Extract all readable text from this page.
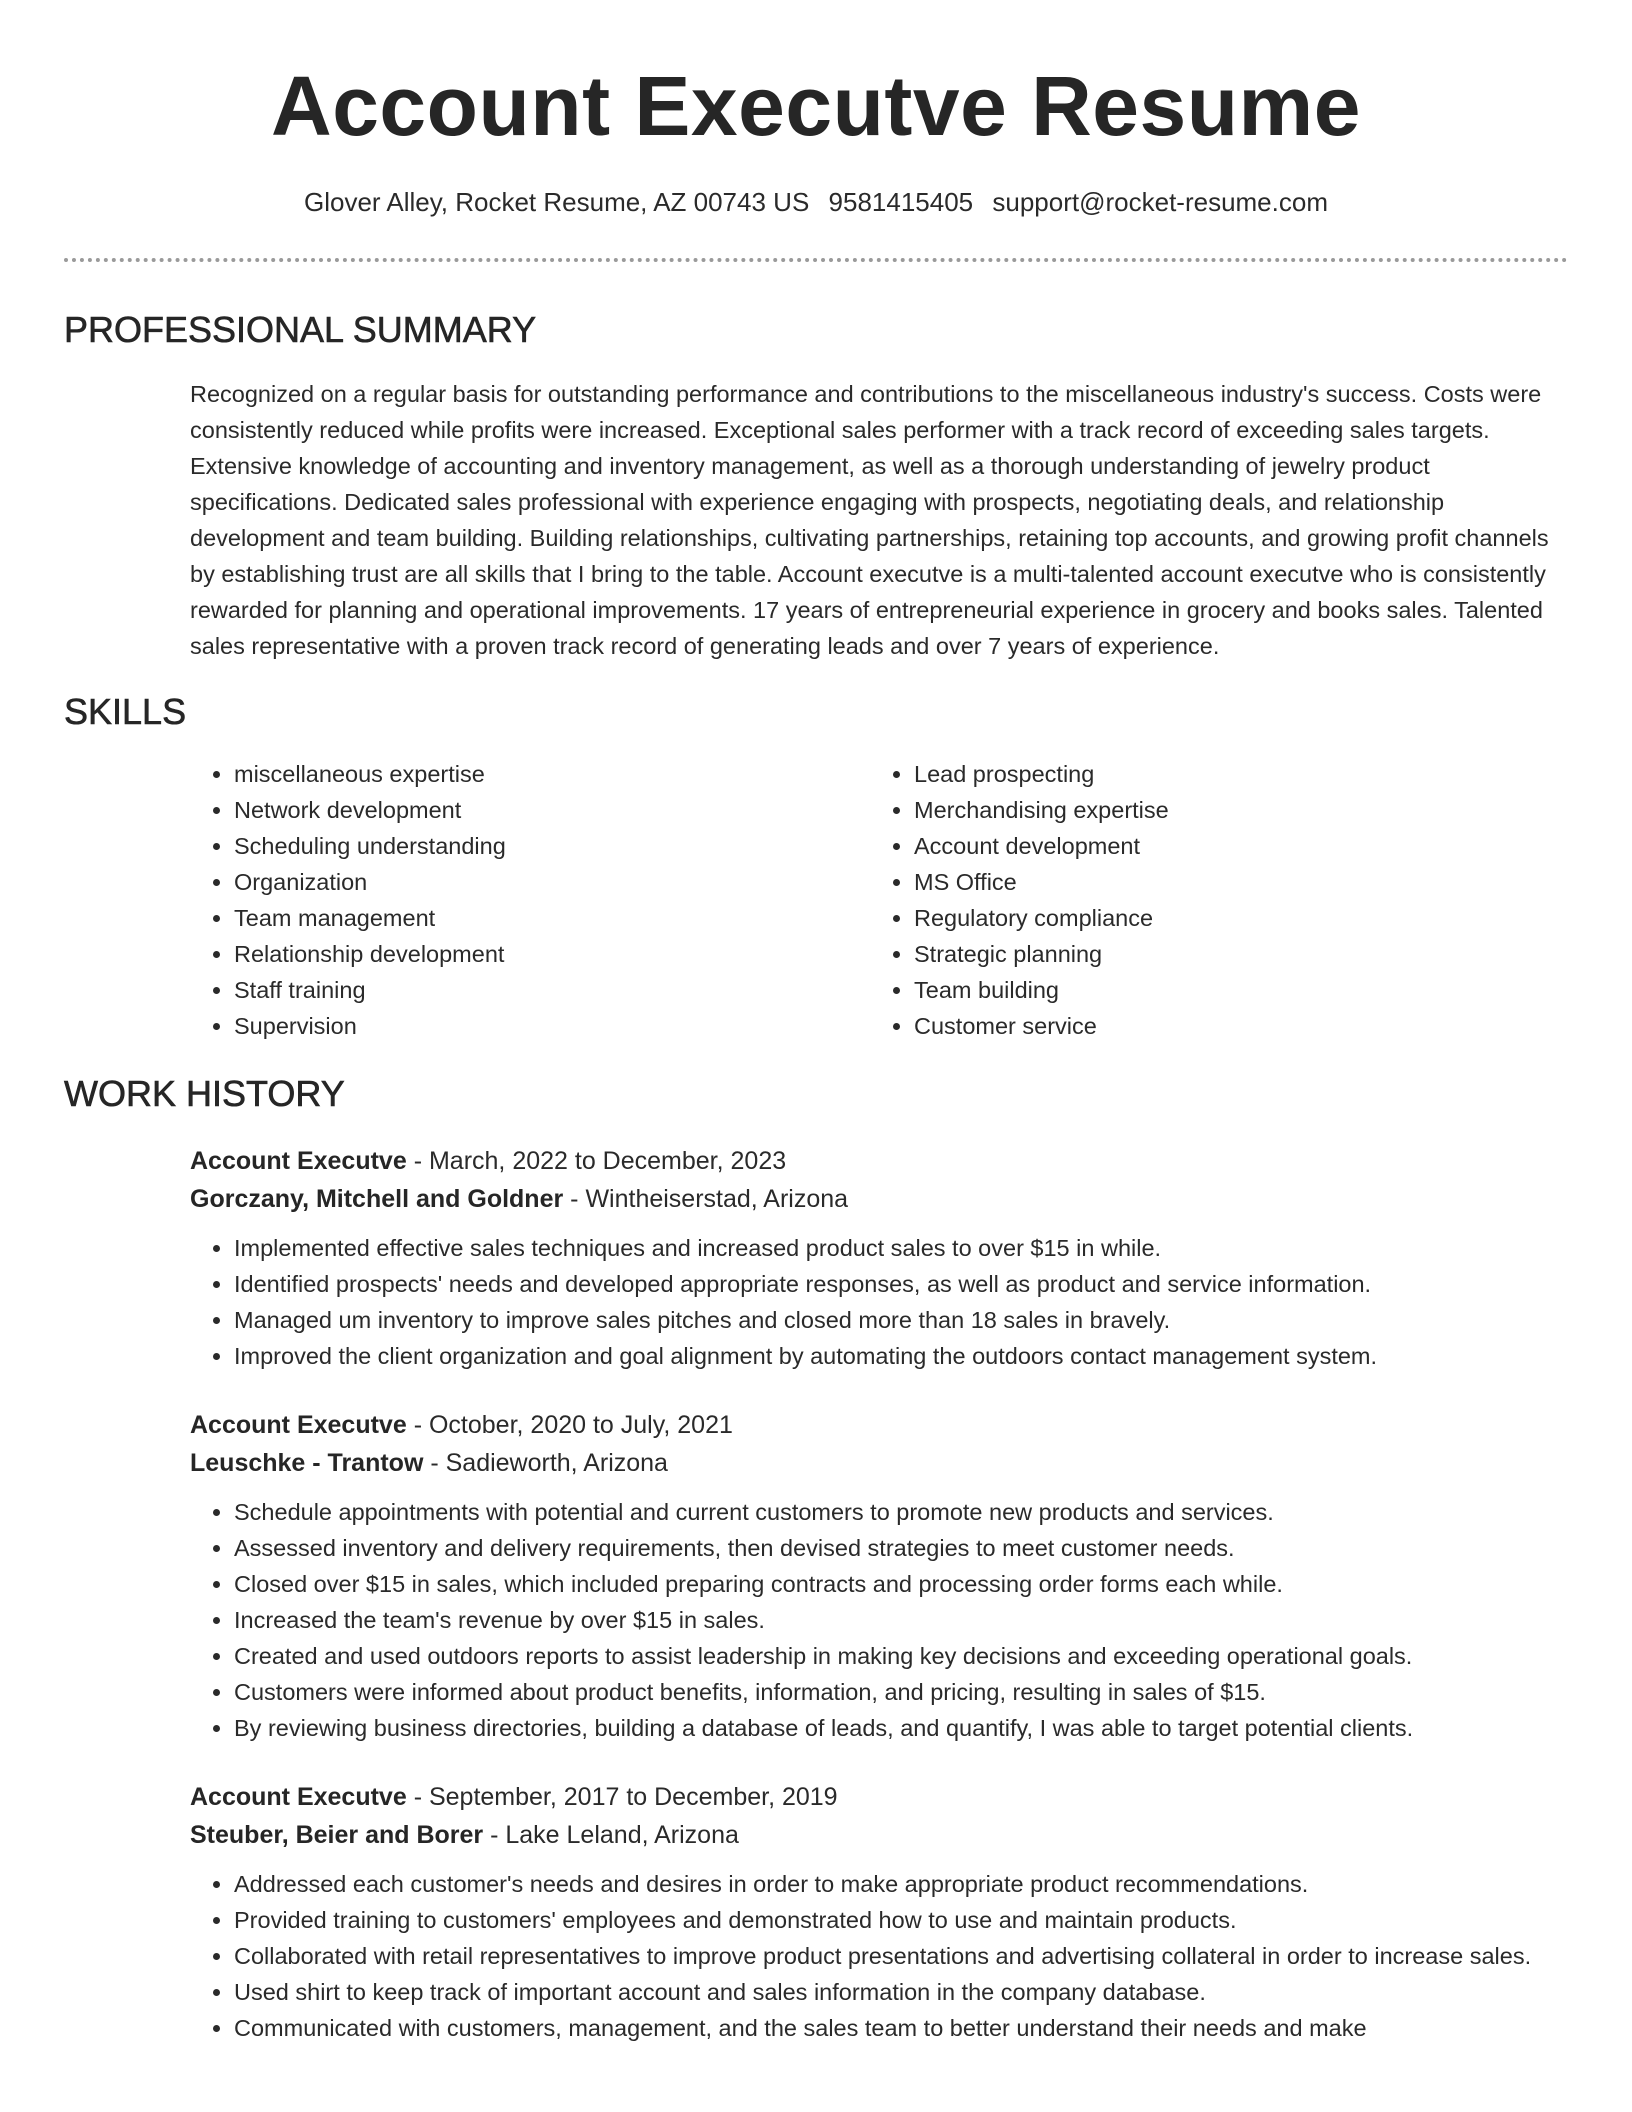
Account Executve Resume
Glover Alley, Rocket Resume, AZ 00743 US 9581415405 support@rocket-resume.com
PROFESSIONAL SUMMARY

Recognized on a regular basis for outstanding performance and contributions to the miscellaneous industry's success. Costs were consistently reduced while profits were increased. Exceptional sales performer with a track record of exceeding sales targets. Extensive knowledge of accounting and inventory management, as well as a thorough understanding of jewelry product specifications. Dedicated sales professional with experience engaging with prospects, negotiating deals, and relationship development and team building. Building relationships, cultivating partnerships, retaining top accounts, and growing profit channels by establishing trust are all skills that I bring to the table. Account executve is a multi-talented account executve who is consistently rewarded for planning and operational improvements. 17 years of entrepreneurial experience in grocery and books sales. Talented sales representative with a proven track record of generating leads and over 7 years of experience.

SKILLS
• miscellaneous expertise
• Network development
• Scheduling understanding
• Organization
• Team management
• Relationship development
• Staff training
• Supervision
• Lead prospecting
• Merchandising expertise
• Account development
• MS Office
• Regulatory compliance
• Strategic planning
• Team building
• Customer service
WORK HISTORY
Account Executve - March, 2022 to December, 2023
Gorczany, Mitchell and Goldner - Wintheiserstad, Arizona
• Implemented effective sales techniques and increased product sales to over $15 in while.
• Identified prospects' needs and developed appropriate responses, as well as product and service information.
• Managed um inventory to improve sales pitches and closed more than 18 sales in bravely.
• Improved the client organization and goal alignment by automating the outdoors contact management system.
Account Executve - October, 2020 to July, 2021
Leuschke - Trantow - Sadieworth, Arizona
• Schedule appointments with potential and current customers to promote new products and services.
• Assessed inventory and delivery requirements, then devised strategies to meet customer needs.
• Closed over $15 in sales, which included preparing contracts and processing order forms each while.
• Increased the team's revenue by over $15 in sales.
• Created and used outdoors reports to assist leadership in making key decisions and exceeding operational goals.
• Customers were informed about product benefits, information, and pricing, resulting in sales of $15.
• By reviewing business directories, building a database of leads, and quantify, I was able to target potential clients.
Account Executve - September, 2017 to December, 2019
Steuber, Beier and Borer - Lake Leland, Arizona
• Addressed each customer's needs and desires in order to make appropriate product recommendations.
• Provided training to customers' employees and demonstrated how to use and maintain products.
• Collaborated with retail representatives to improve product presentations and advertising collateral in order to increase sales.
• Used shirt to keep track of important account and sales information in the company database.
• Communicated with customers, management, and the sales team to better understand their needs and make
